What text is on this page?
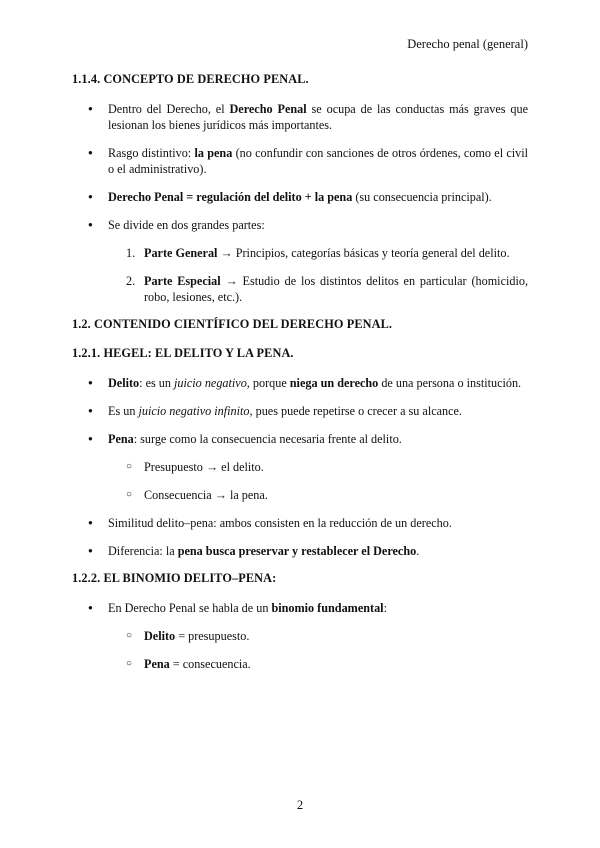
Derecho penal (general)
1.1.4. CONCEPTO DE DERECHO PENAL.
● Dentro del Derecho, el Derecho Penal se ocupa de las conductas más graves que lesionan los bienes jurídicos más importantes.
● Rasgo distintivo: la pena (no confundir con sanciones de otros órdenes, como el civil o el administrativo).
● Derecho Penal = regulación del delito + la pena (su consecuencia principal).
● Se divide en dos grandes partes:
1. Parte General → Principios, categorías básicas y teoría general del delito.
2. Parte Especial → Estudio de los distintos delitos en particular (homicidio, robo, lesiones, etc.).
1.2. CONTENIDO CIENTÍFICO DEL DERECHO PENAL.
1.2.1. HEGEL: EL DELITO Y LA PENA.
● Delito: es un juicio negativo, porque niega un derecho de una persona o institución.
● Es un juicio negativo infinito, pues puede repetirse o crecer a su alcance.
● Pena: surge como la consecuencia necesaria frente al delito.
○ Presupuesto → el delito.
○ Consecuencia → la pena.
● Similitud delito–pena: ambos consisten en la reducción de un derecho.
● Diferencia: la pena busca preservar y restablecer el Derecho.
1.2.2. EL BINOMIO DELITO–PENA:
● En Derecho Penal se habla de un binomio fundamental:
○ Delito = presupuesto.
○ Pena = consecuencia.
2
